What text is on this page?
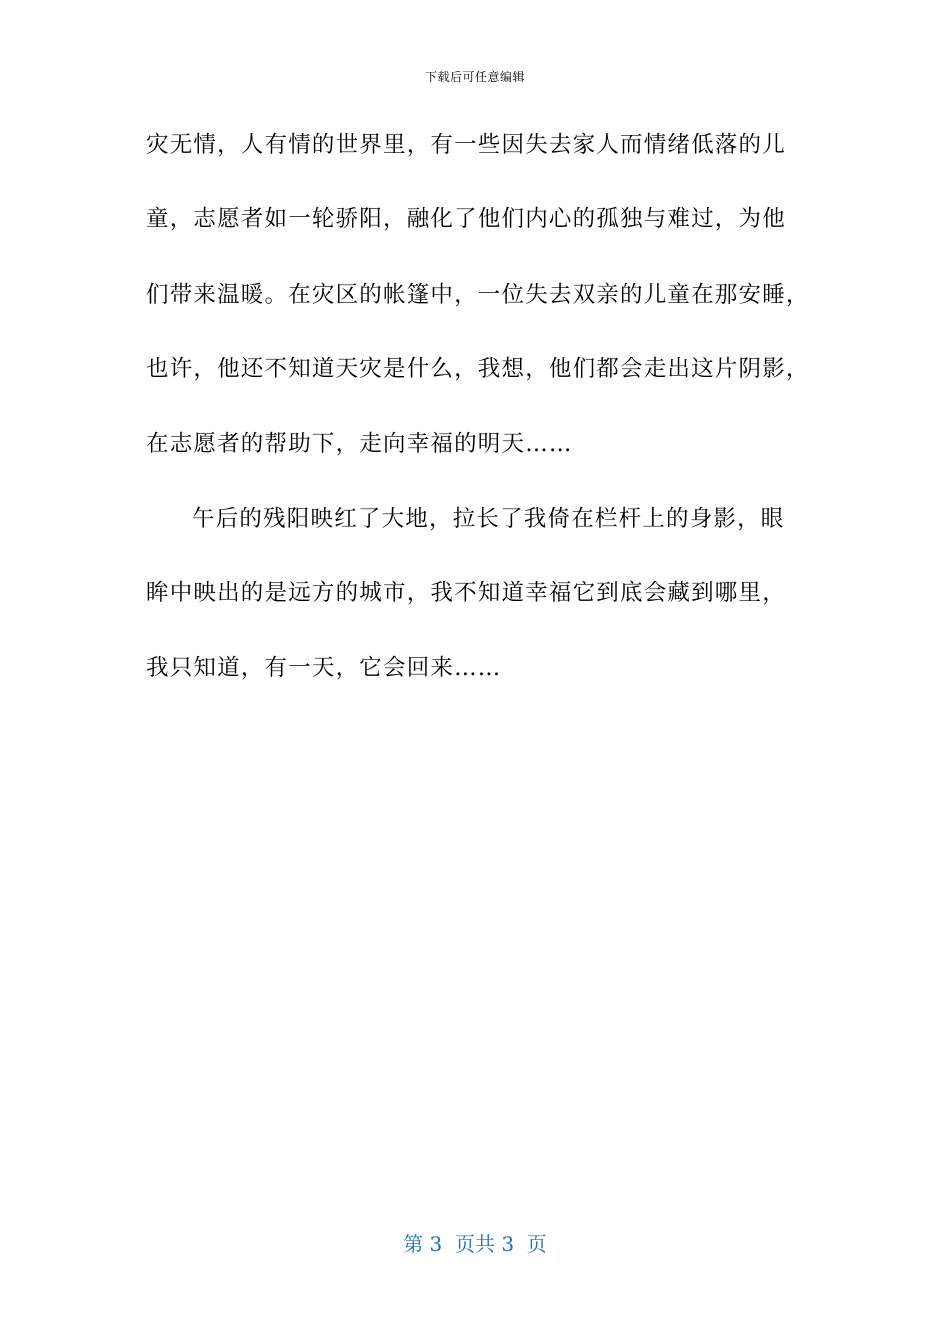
下载后可任意编辑
灾无情，人有情的世界里，有一些因失去家人而情绪低落的儿
童，志愿者如一轮骄阳，融化了他们内心的孤独与难过，为他
们带来温暖。在灾区的帐篷中，一位失去双亲的儿童在那安睡，
也许，他还不知道天灾是什么，我想，他们都会走出这片阴影，
在志愿者的帮助下，走向幸福的明天……
午后的残阳映红了大地，拉长了我倚在栏杆上的身影，眼
眸中映出的是远方的城市，我不知道幸福它到底会藏到哪里，
我只知道，有一天，它会回来……
第 3  页共 3  页
